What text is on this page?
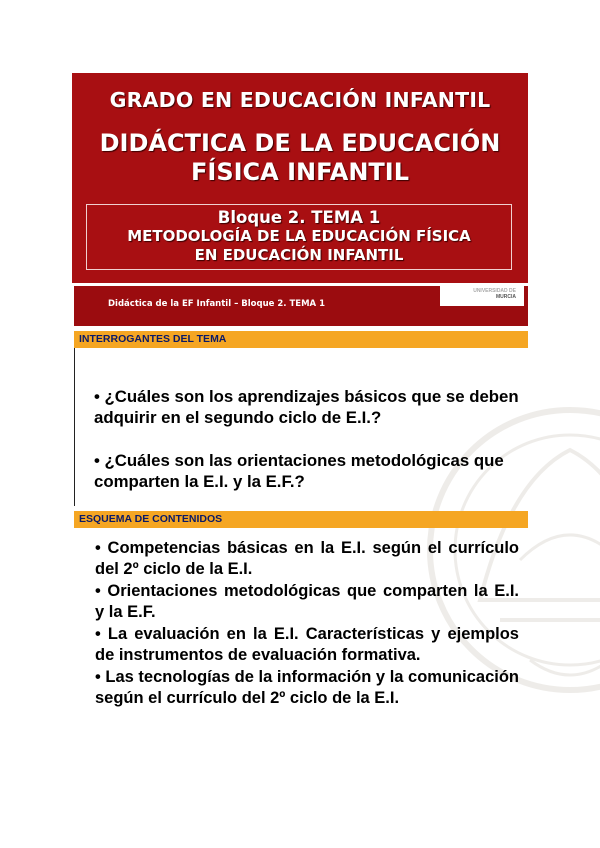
GRADO EN EDUCACIÓN INFANTIL
DIDÁCTICA DE LA EDUCACIÓN
FÍSICA INFANTIL
Bloque 2. TEMA 1
METODOLOGÍA DE LA EDUCACIÓN FÍSICA
EN EDUCACIÓN INFANTIL
Didáctica de la EF Infantil – Bloque 2. TEMA 1
UNIVERSIDAD DE
MURCIA
INTERROGANTES DEL TEMA
• ¿Cuáles son los aprendizajes básicos que se deben adquirir en el segundo ciclo de E.I.?
• ¿Cuáles son las orientaciones metodológicas que comparten la E.I. y la E.F.?
ESQUEMA DE CONTENIDOS
• Competencias básicas en la E.I. según el currículo del 2º ciclo de la E.I.
• Orientaciones metodológicas que comparten la E.I. y la E.F.
• La evaluación en la E.I. Características y ejemplos de instrumentos de evaluación formativa.
• Las tecnologías de la información y la comunicación según el currículo del 2º ciclo de la E.I.
